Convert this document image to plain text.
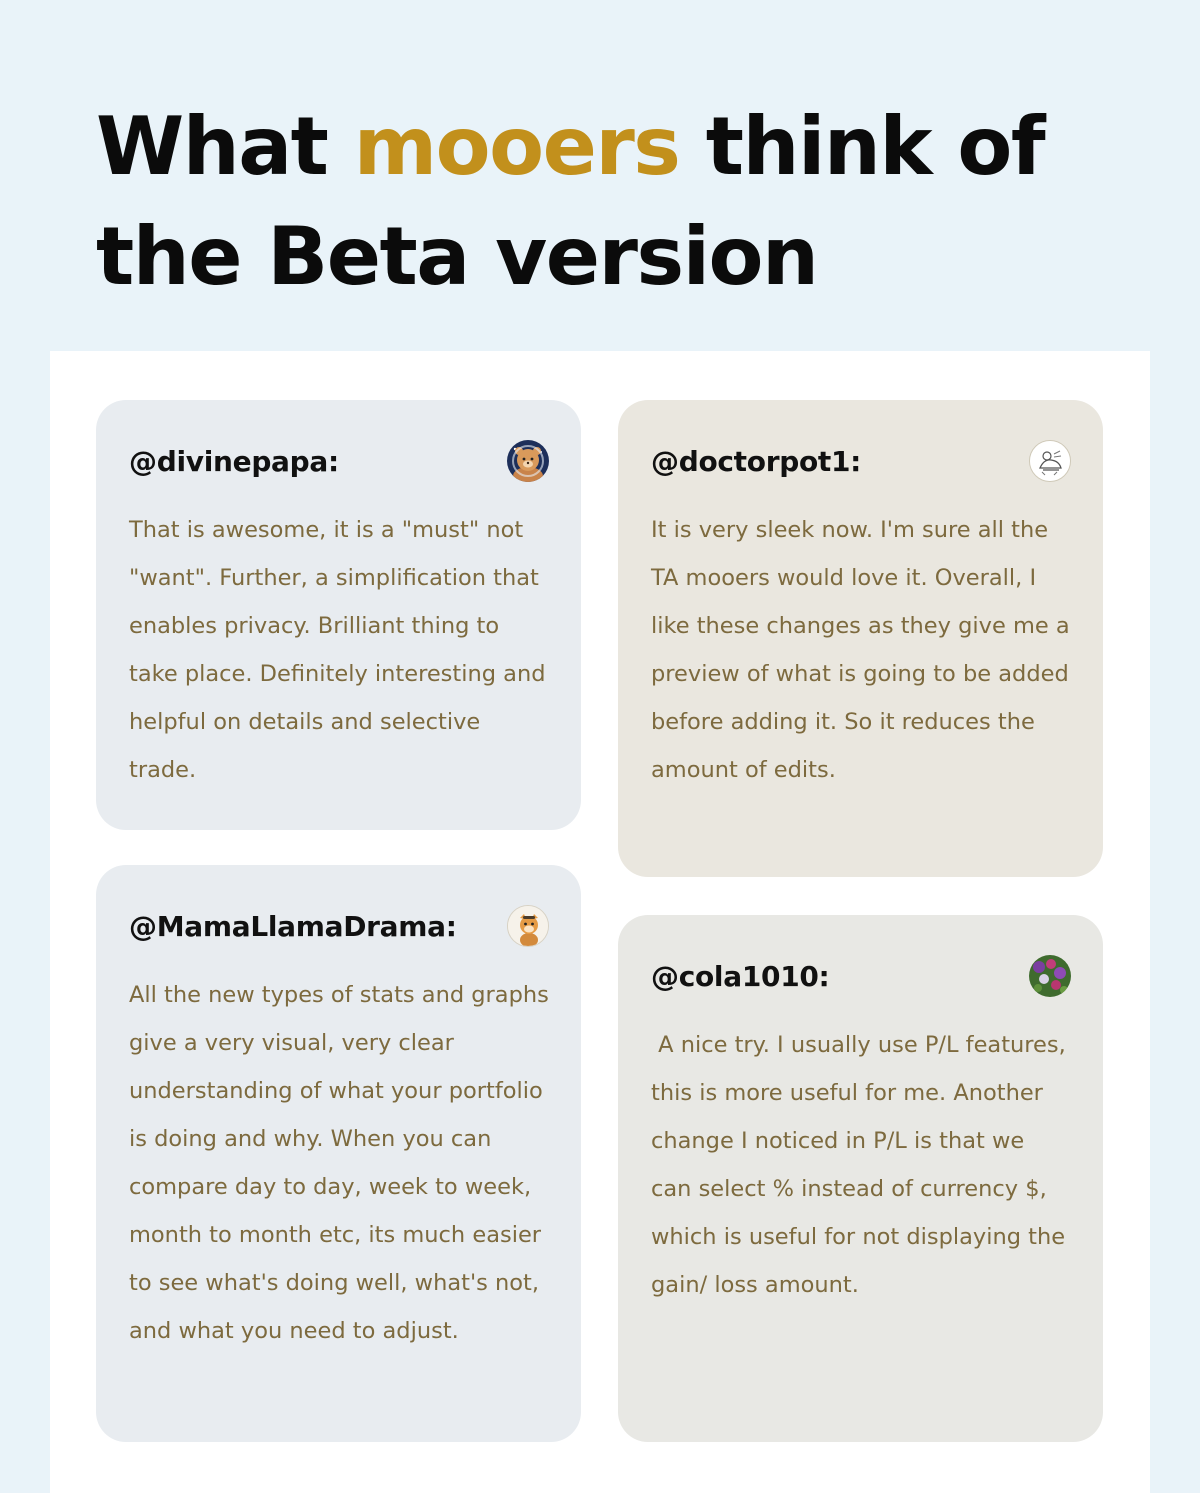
What mooers think of the Beta version
@divinepapa:

That is awesome, it is a "must" not "want". Further, a simplification that enables privacy. Brilliant thing to take place. Definitely interesting and helpful on details and selective trade.

@doctorpot1:

It is very sleek now. I'm sure all the TA mooers would love it. Overall, I like these changes as they give me a preview of what is going to be added before adding it. So it reduces the amount of edits.

@MamaLlamaDrama:

All the new types of stats and graphs give a very visual, very clear understanding of what your portfolio is doing and why. When you can compare day to day, week to week, month to month etc, its much easier to see what's doing well, what's not, and what you need to adjust.

@cola1010:

A nice try. I usually use P/L features, this is more useful for me. Another change I noticed in P/L is that we can select % instead of currency $, which is useful for not displaying the gain/ loss amount.
